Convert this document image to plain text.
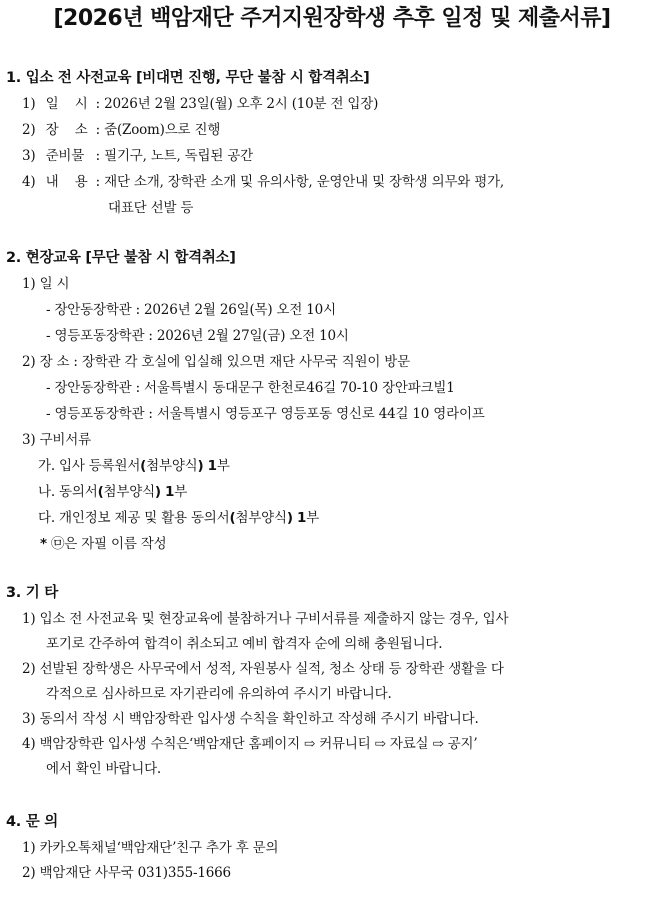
[2026년 백암재단 주거지원장학생 추후 일정 및 제출서류]
1. 입소 전 사전교육 [비대면 진행, 무단 불참 시 합격취소]
1) 일    시 : 2026년 2월 23일(월) 오후 2시 (10분 전 입장)
2) 장    소 : 줌(Zoom)으로 진행
3) 준비물 : 필기구, 노트, 독립된 공간
4) 내    용 : 재단 소개, 장학관 소개 및 유의사항, 운영안내 및 장학생 의무와 평가,
대표단 선발 등
2. 현장교육 [무단 불참 시 합격취소]
1) 일 시
- 장안동장학관 : 2026년 2월 26일(목) 오전 10시
- 영등포동장학관 : 2026년 2월 27일(금) 오전 10시
2) 장 소 : 장학관 각 호실에 입실해 있으면 재단 사무국 직원이 방문
- 장안동장학관 : 서울특별시 동대문구 한천로46길 70-10 장안파크빌1
- 영등포동장학관 : 서울특별시 영등포구 영등포동 영신로 44길 10 영라이프
3) 구비서류
가. 입사 등록원서(첨부양식) 1부
나. 동의서(첨부양식) 1부
다. 개인정보 제공 및 활용 동의서(첨부양식) 1부
* ㉤은 자필 이름 작성
3. 기 타
1) 입소 전 사전교육 및 현장교육에 불참하거나 구비서류를 제출하지 않는 경우, 입사
포기로 간주하여 합격이 취소되고 예비 합격자 순에 의해 충원됩니다.
2) 선발된 장학생은 사무국에서 성적, 자원봉사 실적, 청소 상태 등 장학관 생활을 다
각적으로 심사하므로 자기관리에 유의하여 주시기 바랍니다.
3) 동의서 작성 시 백암장학관 입사생 수칙을 확인하고 작성해 주시기 바랍니다.
4) 백암장학관 입사생 수칙은‘백암재단 홈페이지 ⇨ 커뮤니티 ⇨ 자료실 ⇨ 공지’
에서 확인 바랍니다.
4. 문 의
1) 카카오톡채널‘백암재단’친구 추가 후 문의
2) 백암재단 사무국 031)355-1666
